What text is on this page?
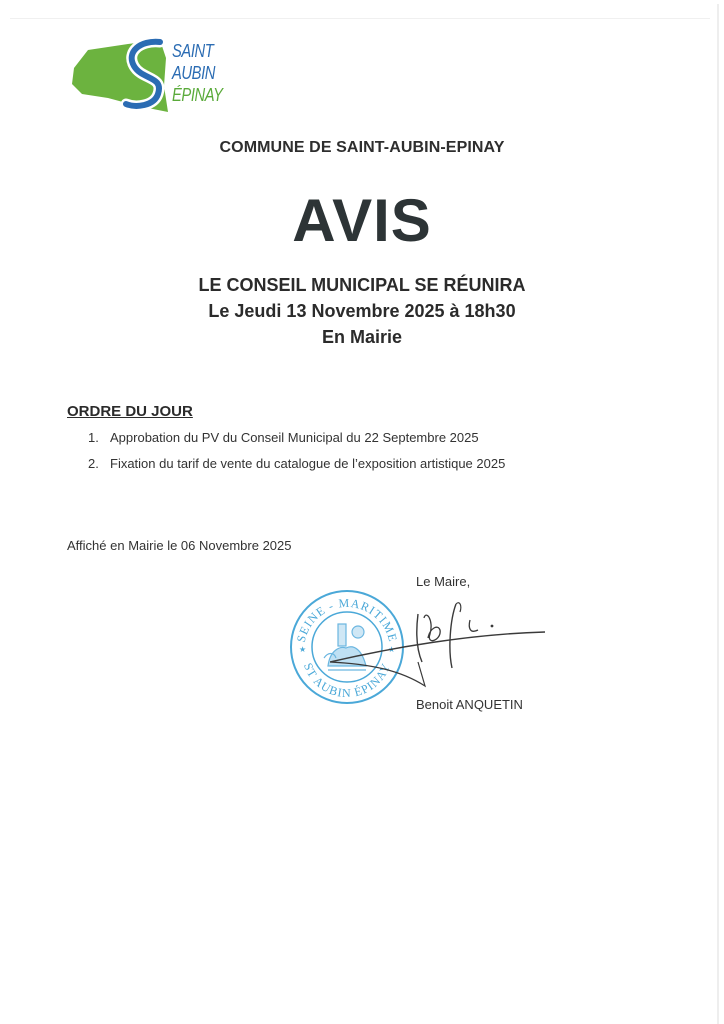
SAINT
AUBIN
ÉPINAY
COMMUNE DE SAINT-AUBIN-EPINAY
AVIS
LE CONSEIL MUNICIPAL SE RÉUNIRA
Le Jeudi 13 Novembre 2025 à 18h30
En Mairie
ORDRE DU JOUR
1. Approbation du PV du Conseil Municipal du 22 Septembre 2025
2. Fixation du tarif de vente du catalogue de l’exposition artistique 2025
Affiché en Mairie le 06 Novembre 2025
Le Maire,
SEINE - MARITIME
ST AUBIN ÉPINAY
★	★
Benoit ANQUETIN
